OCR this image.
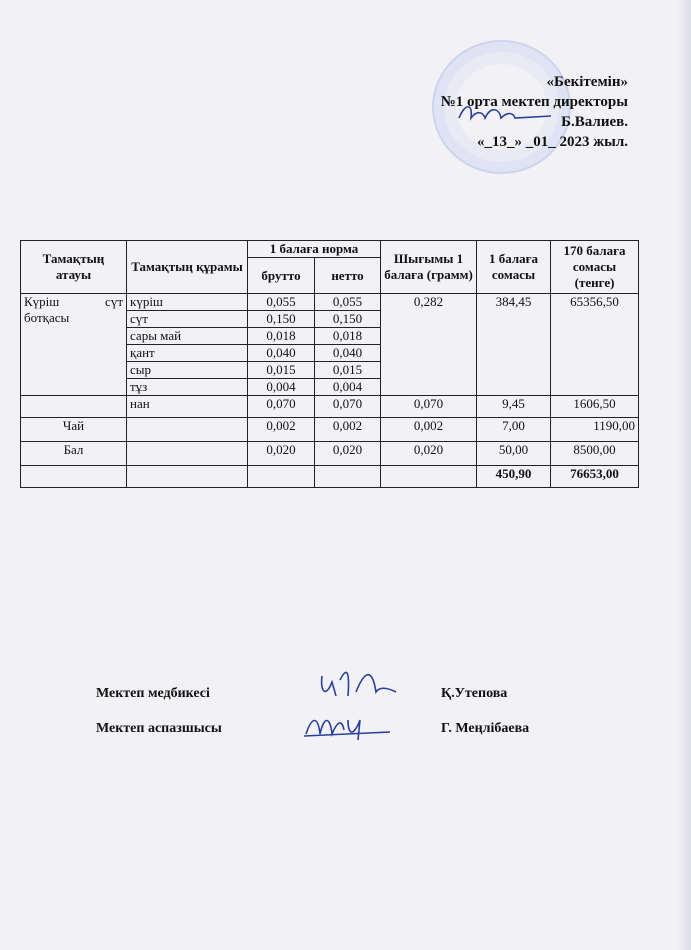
«Бекітемін»
№1 орта мектеп директоры
Б.Валиев.
«_13_» _01_ 2023 жыл.
Тамақтың атауы	Тамақтың құрамы	1 балаға норма		Шығымы 1 балаға (грамм)	1 балаға сомасы	170 балаға сомасы (тенге)
		брутто	нетто			
Күріш сүт ботқасы	күріш	0,055	0,055	0,282	384,45	65356,50
	сүт	0,150	0,150			
	сары май	0,018	0,018			
	қант	0,040	0,040			
	сыр	0,015	0,015			
	тұз	0,004	0,004			
	нан	0,070	0,070	0,070	9,45	1606,50
Чай		0,002	0,002	0,002	7,00	1190,00
Бал		0,020	0,020	0,020	50,00	8500,00
					450,90	76653,00
Мектеп медбикесі	Қ.Утепова
Мектеп аспазшысы	Г. Меңлібаева
